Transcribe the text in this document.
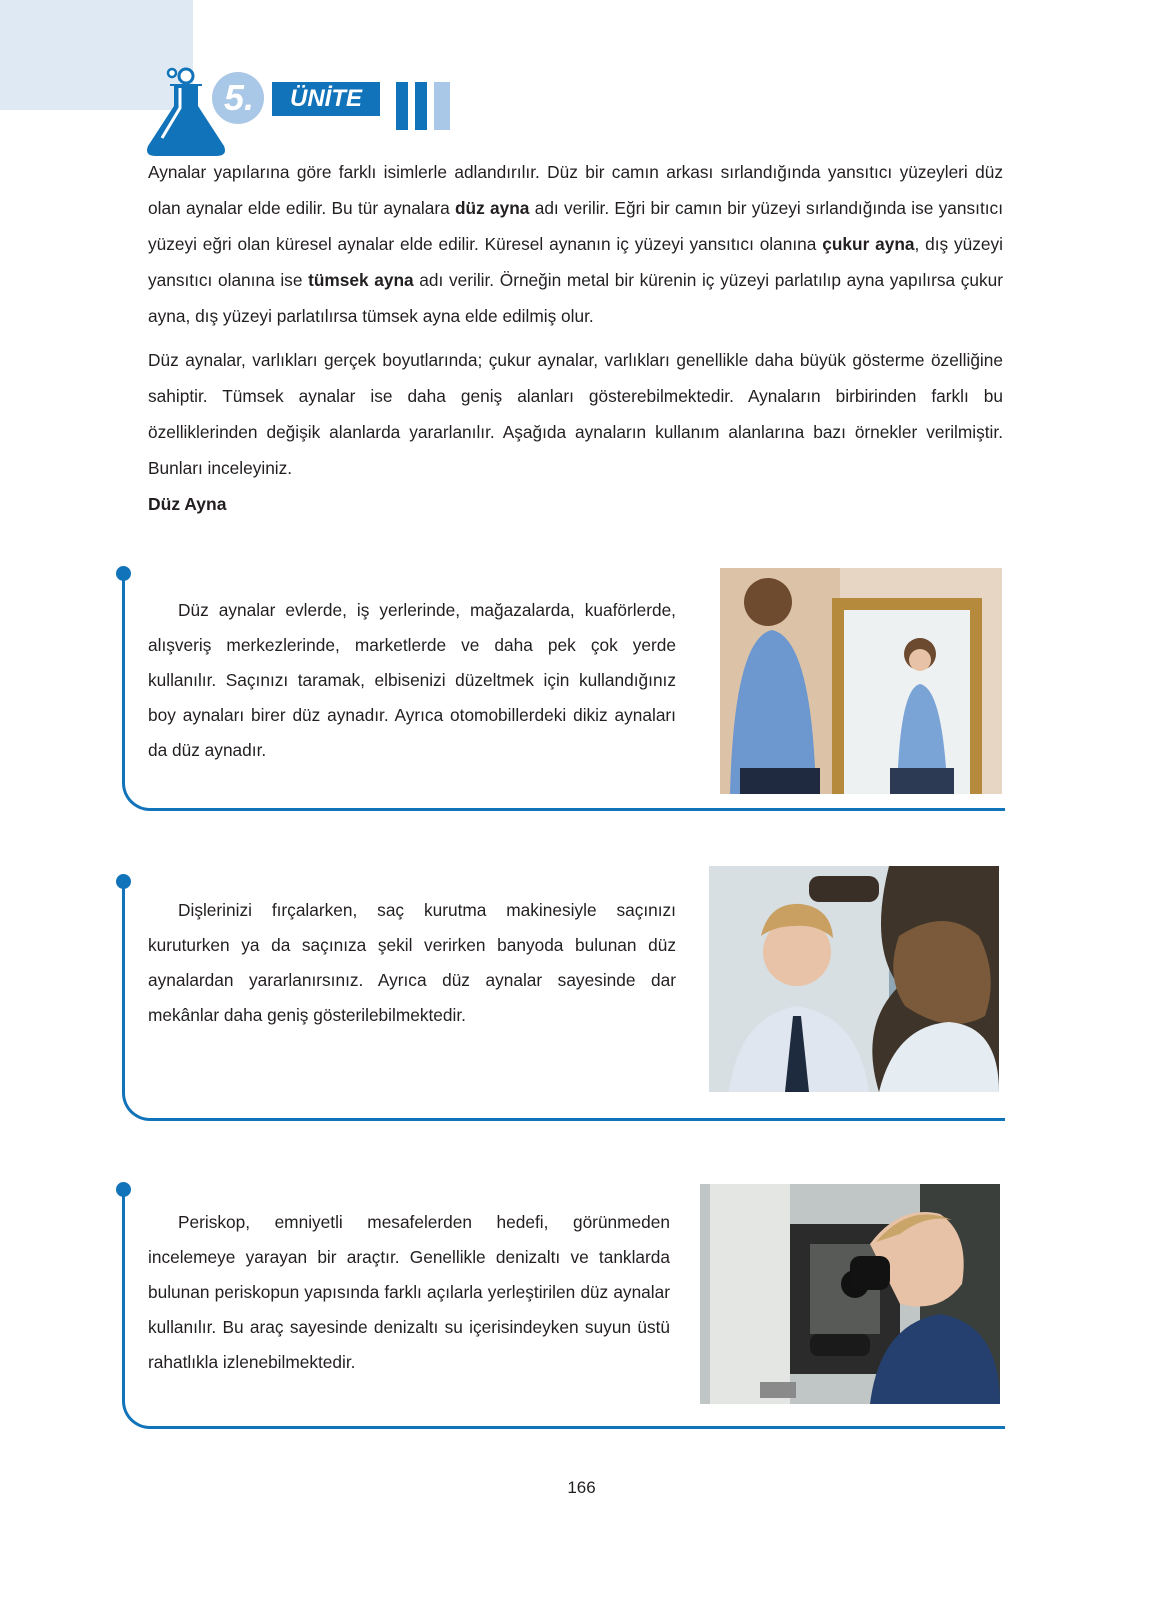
5.	ÜNİTE

Aynalar yapılarına göre farklı isimlerle adlandırılır. Düz bir camın arkası sırlandığında yansıtıcı yüzeyleri düz olan aynalar elde edilir. Bu tür aynalara düz ayna adı verilir. Eğri bir camın bir yüzeyi sırlandığında ise yansıtıcı yüzeyi eğri olan küresel aynalar elde edilir. Küresel aynanın iç yüzeyi yansıtıcı olanına çukur ayna, dış yüzeyi yansıtıcı olanına ise tümsek ayna adı verilir. Örneğin metal bir kürenin iç yüzeyi parlatılıp ayna yapılırsa çukur ayna, dış yüzeyi parlatılırsa tümsek ayna elde edilmiş olur.

Düz aynalar, varlıkları gerçek boyutlarında; çukur aynalar, varlıkları genellikle daha büyük gösterme özelliğine sahiptir. Tümsek aynalar ise daha geniş alanları gösterebilmektedir. Aynaların birbirinden farklı bu özelliklerinden değişik alanlarda yararlanılır. Aşağıda aynaların kullanım alanlarına bazı örnekler verilmiştir. Bunları inceleyiniz.

Düz Ayna

Düz aynalar evlerde, iş yerlerinde, mağazalarda, kuaförlerde, alışveriş merkezlerinde, marketlerde ve daha pek çok yerde kullanılır. Saçınızı taramak, elbisenizi düzeltmek için kullandığınız boy aynaları birer düz aynadır. Ayrıca otomobillerdeki dikiz aynaları da düz aynadır.

Dişlerinizi fırçalarken, saç kurutma makinesiyle saçınızı kuruturken ya da saçınıza şekil verirken banyoda bulunan düz aynalardan yararlanırsınız. Ayrıca düz aynalar sayesinde dar mekânlar daha geniş gösterilebilmektedir.

Periskop, emniyetli mesafelerden hedefi, görünmeden incelemeye yarayan bir araçtır. Genellikle denizaltı ve tanklarda bulunan periskopun yapısında farklı açılarla yerleştirilen düz aynalar kullanılır. Bu araç sayesinde denizaltı su içerisindeyken suyun üstü rahatlıkla izlenebilmektedir.

166
